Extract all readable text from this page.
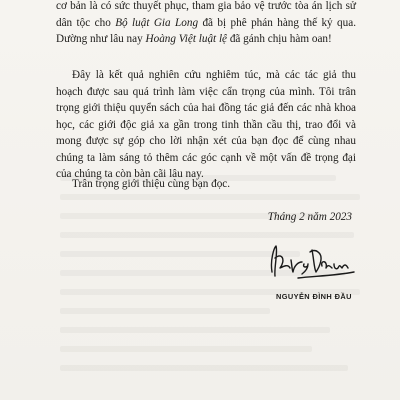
cơ bản là có sức thuyết phục, tham gia bảo vệ trước tòa án lịch sử dân tộc cho Bộ luật Gia Long đã bị phê phán hàng thế kỷ qua. Dường như lâu nay Hoàng Việt luật lệ đã gánh chịu hàm oan!

Đây là kết quả nghiên cứu nghiêm túc, mà các tác giả thu hoạch được sau quá trình làm việc cẩn trọng của mình. Tôi trân trọng giới thiệu quyển sách của hai đồng tác giả đến các nhà khoa học, các giới độc giả xa gần trong tinh thần cầu thị, trao đổi và mong được sự góp cho lời nhận xét của bạn đọc để cùng nhau chúng ta làm sáng tỏ thêm các góc cạnh về một vấn đề trọng đại của chúng ta còn bàn cãi lâu nay.

Trân trọng giới thiệu cùng bạn đọc.

Tháng 2 năm 2023

NGUYỄN ĐÌNH ĐẦU
